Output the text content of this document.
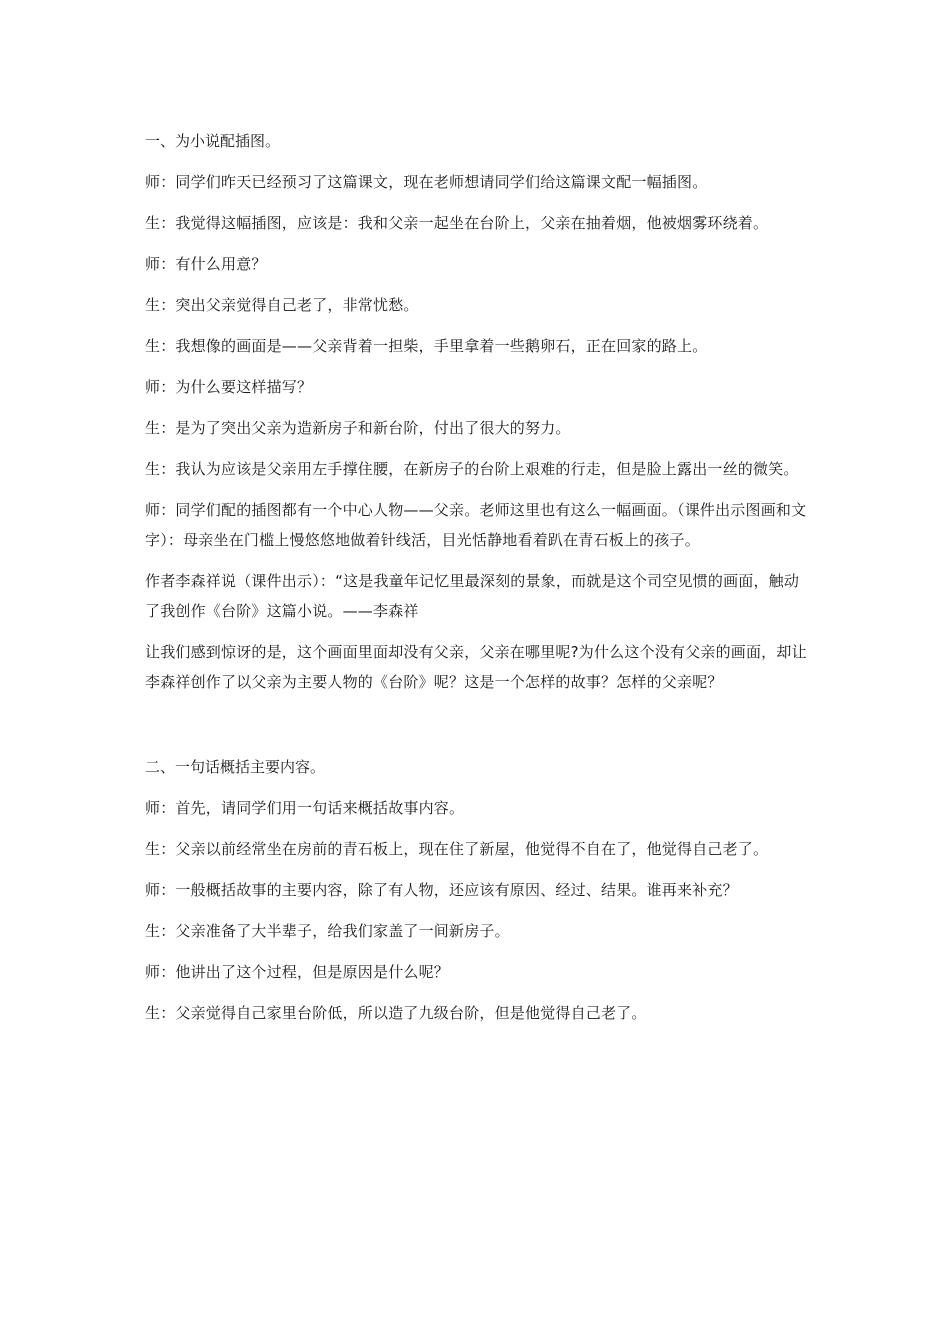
一、为小说配插图。

师：同学们昨天已经预习了这篇课文，现在老师想请同学们给这篇课文配一幅插图。

生：我觉得这幅插图，应该是：我和父亲一起坐在台阶上，父亲在抽着烟，他被烟雾环绕着。

师：有什么用意？

生：突出父亲觉得自己老了，非常忧愁。

生：我想像的画面是——父亲背着一担柴，手里拿着一些鹅卵石，正在回家的路上。

师：为什么要这样描写？

生：是为了突出父亲为造新房子和新台阶，付出了很大的努力。

生：我认为应该是父亲用左手撑住腰，在新房子的台阶上艰难的行走，但是脸上露出一丝的微笑。

师：同学们配的插图都有一个中心人物——父亲。老师这里也有这么一幅画面。（课件出示图画和文字）：母亲坐在门槛上慢悠悠地做着针线活，目光恬静地看着趴在青石板上的孩子。

作者李森祥说（课件出示）：“这是我童年记忆里最深刻的景象，而就是这个司空见惯的画面，触动了我创作《台阶》这篇小说。——李森祥

让我们感到惊讶的是，这个画面里面却没有父亲，父亲在哪里呢?为什么这个没有父亲的画面，却让李森祥创作了以父亲为主要人物的《台阶》呢？这是一个怎样的故事？怎样的父亲呢？

二、一句话概括主要内容。

师：首先，请同学们用一句话来概括故事内容。

生：父亲以前经常坐在房前的青石板上，现在住了新屋，他觉得不自在了，他觉得自己老了。

师：一般概括故事的主要内容，除了有人物，还应该有原因、经过、结果。谁再来补充？

生：父亲准备了大半辈子，给我们家盖了一间新房子。

师：他讲出了这个过程，但是原因是什么呢？

生：父亲觉得自己家里台阶低，所以造了九级台阶，但是他觉得自己老了。
